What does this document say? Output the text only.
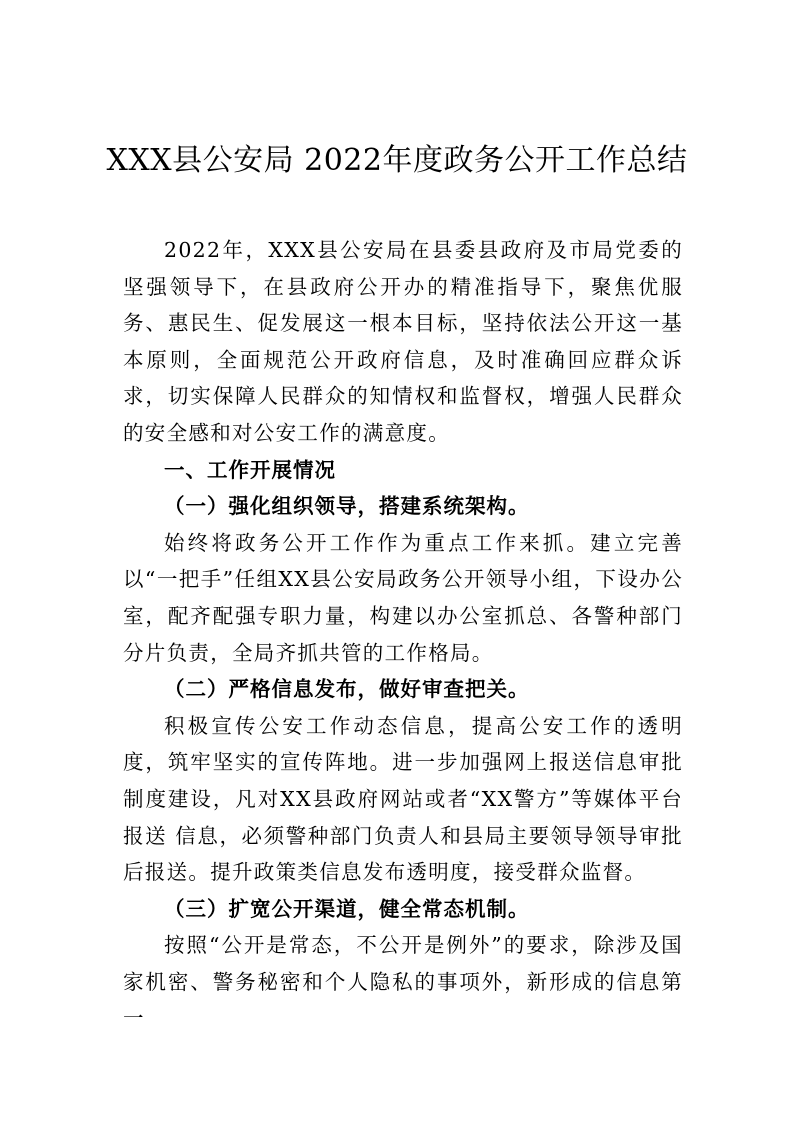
XXX县公安局 2022年度政务公开工作总结

2022年，XXX县公安局在县委县政府及市局党委的坚强领导下，在县政府公开办的精准指导下，聚焦优服务、惠民生、促发展这一根本目标，坚持依法公开这一基本原则，全面规范公开政府信息，及时准确回应群众诉求，切实保障人民群众的知情权和监督权，增强人民群众的安全感和对公安工作的满意度。

一、工作开展情况

（一）强化组织领导，搭建系统架构。

始终将政务公开工作作为重点工作来抓。建立完善以“一把手”任组XX县公安局政务公开领导小组，下设办公室，配齐配强专职力量，构建以办公室抓总、各警种部门分片负责，全局齐抓共管的工作格局。

（二）严格信息发布，做好审查把关。

积极宣传公安工作动态信息，提高公安工作的透明度，筑牢坚实的宣传阵地。进一步加强网上报送信息审批制度建设，凡对XX县政府网站或者“XX警方”等媒体平台报送 信息，必须警种部门负责人和县局主要领导领导审批后报送。提升政策类信息发布透明度，接受群众监督。

（三）扩宽公开渠道，健全常态机制。

按照“公开是常态，不公开是例外”的要求，除涉及国家机密、警务秘密和个人隐私的事项外，新形成的信息第一
